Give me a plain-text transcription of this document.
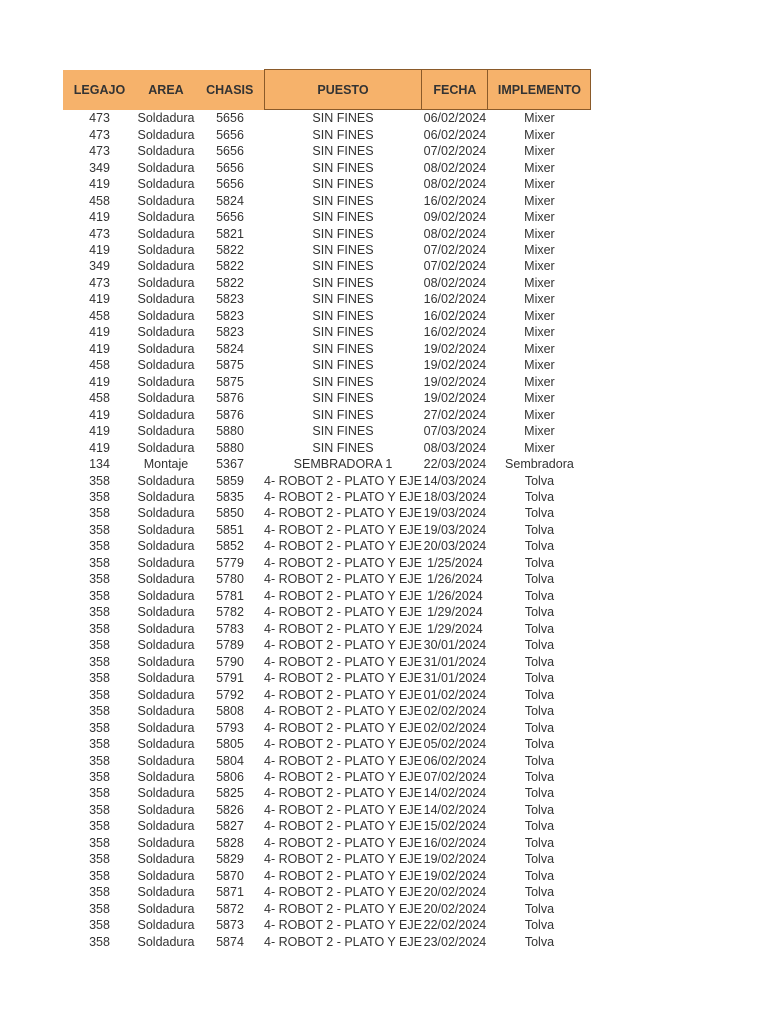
LEGAJO	AREA	CHASIS	PUESTO	FECHA	IMPLEMENTO
473	Soldadura	5656	SIN FINES	06/02/2024	Mixer
473	Soldadura	5656	SIN FINES	06/02/2024	Mixer
473	Soldadura	5656	SIN FINES	07/02/2024	Mixer
349	Soldadura	5656	SIN FINES	08/02/2024	Mixer
419	Soldadura	5656	SIN FINES	08/02/2024	Mixer
458	Soldadura	5824	SIN FINES	16/02/2024	Mixer
419	Soldadura	5656	SIN FINES	09/02/2024	Mixer
473	Soldadura	5821	SIN FINES	08/02/2024	Mixer
419	Soldadura	5822	SIN FINES	07/02/2024	Mixer
349	Soldadura	5822	SIN FINES	07/02/2024	Mixer
473	Soldadura	5822	SIN FINES	08/02/2024	Mixer
419	Soldadura	5823	SIN FINES	16/02/2024	Mixer
458	Soldadura	5823	SIN FINES	16/02/2024	Mixer
419	Soldadura	5823	SIN FINES	16/02/2024	Mixer
419	Soldadura	5824	SIN FINES	19/02/2024	Mixer
458	Soldadura	5875	SIN FINES	19/02/2024	Mixer
419	Soldadura	5875	SIN FINES	19/02/2024	Mixer
458	Soldadura	5876	SIN FINES	19/02/2024	Mixer
419	Soldadura	5876	SIN FINES	27/02/2024	Mixer
419	Soldadura	5880	SIN FINES	07/03/2024	Mixer
419	Soldadura	5880	SIN FINES	08/03/2024	Mixer
134	Montaje	5367	SEMBRADORA 1	22/03/2024	Sembradora
358	Soldadura	5859	4- ROBOT 2 - PLATO Y EJE	14/03/2024	Tolva
358	Soldadura	5835	4- ROBOT 2 - PLATO Y EJE	18/03/2024	Tolva
358	Soldadura	5850	4- ROBOT 2 - PLATO Y EJE	19/03/2024	Tolva
358	Soldadura	5851	4- ROBOT 2 - PLATO Y EJE	19/03/2024	Tolva
358	Soldadura	5852	4- ROBOT 2 - PLATO Y EJE	20/03/2024	Tolva
358	Soldadura	5779	4- ROBOT 2 - PLATO Y EJE	1/25/2024	Tolva
358	Soldadura	5780	4- ROBOT 2 - PLATO Y EJE	1/26/2024	Tolva
358	Soldadura	5781	4- ROBOT 2 - PLATO Y EJE	1/26/2024	Tolva
358	Soldadura	5782	4- ROBOT 2 - PLATO Y EJE	1/29/2024	Tolva
358	Soldadura	5783	4- ROBOT 2 - PLATO Y EJE	1/29/2024	Tolva
358	Soldadura	5789	4- ROBOT 2 - PLATO Y EJE	30/01/2024	Tolva
358	Soldadura	5790	4- ROBOT 2 - PLATO Y EJE	31/01/2024	Tolva
358	Soldadura	5791	4- ROBOT 2 - PLATO Y EJE	31/01/2024	Tolva
358	Soldadura	5792	4- ROBOT 2 - PLATO Y EJE	01/02/2024	Tolva
358	Soldadura	5808	4- ROBOT 2 - PLATO Y EJE	02/02/2024	Tolva
358	Soldadura	5793	4- ROBOT 2 - PLATO Y EJE	02/02/2024	Tolva
358	Soldadura	5805	4- ROBOT 2 - PLATO Y EJE	05/02/2024	Tolva
358	Soldadura	5804	4- ROBOT 2 - PLATO Y EJE	06/02/2024	Tolva
358	Soldadura	5806	4- ROBOT 2 - PLATO Y EJE	07/02/2024	Tolva
358	Soldadura	5825	4- ROBOT 2 - PLATO Y EJE	14/02/2024	Tolva
358	Soldadura	5826	4- ROBOT 2 - PLATO Y EJE	14/02/2024	Tolva
358	Soldadura	5827	4- ROBOT 2 - PLATO Y EJE	15/02/2024	Tolva
358	Soldadura	5828	4- ROBOT 2 - PLATO Y EJE	16/02/2024	Tolva
358	Soldadura	5829	4- ROBOT 2 - PLATO Y EJE	19/02/2024	Tolva
358	Soldadura	5870	4- ROBOT 2 - PLATO Y EJE	19/02/2024	Tolva
358	Soldadura	5871	4- ROBOT 2 - PLATO Y EJE	20/02/2024	Tolva
358	Soldadura	5872	4- ROBOT 2 - PLATO Y EJE	20/02/2024	Tolva
358	Soldadura	5873	4- ROBOT 2 - PLATO Y EJE	22/02/2024	Tolva
358	Soldadura	5874	4- ROBOT 2 - PLATO Y EJE	23/02/2024	Tolva
